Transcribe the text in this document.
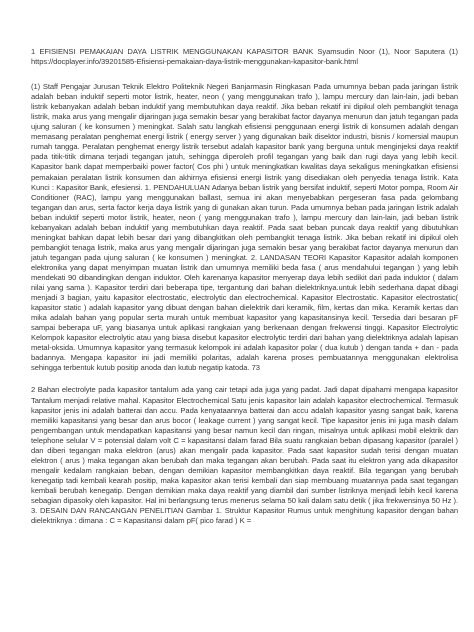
1 EFISIENSI PEMAKAIAN DAYA LISTRIK MENGGUNAKAN KAPASITOR BANK Syamsudin Noor (1), Noor Saputera (1) https://docplayer.info/39201585-Efisiensi-pemakaian-daya-listrik-menggunakan-kapasitor-bank.html

(1) Staff Pengajar Jurusan Teknik Elektro Politeknik Negeri Banjarmasin Ringkasan Pada umumnya beban pada jaringan listrik adalah beban induktif seperti motor listrik, heater, neon ( yang menggunakan trafo ), lampu mercury dan lain-lain, jadi beban listrik kebanyakan adalah beban induktif yang membutuhkan daya reaktif. Jika beban rekatif ini dipikul oleh pembangkit tenaga listrik, maka arus yang mengalir dijaringan juga semakin besar yang berakibat factor dayanya menurun dan jatuh tegangan pada ujung saluran ( ke konsumen ) meningkat. Salah satu langkah efisiensi penggunaan energi listrik di konsumen adalah dengan memasang peralatan penghemat energi listrik ( energy server ) yang digunakan baik disektor industri, bisnis / komersial maupun rumah tangga. Peralatan penghemat energy listrik tersebut adalah kapasitor bank yang berguna untuk menginjeksi daya reaktif pada titik-titik dimana terjadi tegangan jatuh, sehingga diperoleh profil tegangan yang baik dan rugi daya yang lebih kecil. Kapasitor bank dapat memperbaiki power factor( Cos phi ) untuk meningkatkan kwalitas daya sekaligus meningkatkan efisiensi pemakaian peralatan listrik konsumen dan akhirnya efisiensi energi listrik yang disediakan oleh penyedia tenaga listrik. Kata Kunci : Kapasitor Bank, efesiensi. 1. PENDAHULUAN Adanya beban listrik yang bersifat induktif, seperti Motor pompa, Room Air Conditioner (RAC), lampu yang menggunakan ballast, semua ini akan menyebabkan pergeseran fasa pada gelombang tegangan dan arus, serta factor kerja daya listrik yang di gunakan akan turun. Pada umumnya beban pada jaringan listrik adalah beban induktif seperti motor listrik, heater, neon ( yang menggunakan trafo ), lampu mercury dan lain-lain, jadi beban listrik kebanyakan adalah beban induktif yang membutuhkan daya reaktif. Pada saat beban puncak daya reaktif yang dibutuhkan meningkat bahkan dapat lebih besar dari yang dibangkitkan oleh pembangkit tenaga listrik. Jika beban rekatif ini dipikul oleh pembangkit tenaga listrik, maka arus yang mengalir dijaringan juga semakin besar yang berakibat factor dayanya menurun dan jatuh tegangan pada ujung saluran ( ke konsumen ) meningkat. 2. LANDASAN TEORI Kapasitor Kapasitor adalah komponen elektronika yang dapat menyimpan muatan listrik dan umumnya memiliki beda fasa ( arus mendahului tegangan ) yang lebih mendekati 90 dibandingkan dengan induktor. Oleh karenanya kapasitor menyerap daya lebih sedikit dari pada induktor ( dalam nilai yang sama ). Kapasitor terdiri dari beberapa tipe, tergantung dari bahan dielektriknya.untuk lebih sederhana dapat dibagi menjadi 3 bagian, yaitu kapasitor electrostatic, electrolytic dan electrochemical. Kapasitor Electrostatic. Kapasitor electrostatic( kapasitor static ) adalah kapasitor yang dibuat dengan bahan dielektrik dari keramik, film, kertas dan mika. Keramik kertas dan mika adalah bahan yang popular serta murah untuk membuat kapasitor yang kapasitansinya kecil. Tersedia dari besaran pF sampai beberapa uF, yang biasanya untuk aplikasi rangkaian yang berkenaan dengan frekwensi tinggi. Kapasitor Electrolytic Kelompok kapasitor electrolytic atau yang biasa disebut kapasitor electrolytic terdiri dari bahan yang dielektriknya adalah lapisan metal-oksida. Umumnya kapasitor yang termasuk kelompok ini adalah kapasitor polar ( dua kutub ) dengan tanda + dan - pada badannya. Mengapa kapasitor ini jadi memiliki polaritas, adalah karena proses pembuatannya menggunakan elektrolisa sehingga terbentuk kutub positip anoda dan kutub negatip katoda. 73

2 Bahan electrolyte pada kapasitor tantalum ada yang cair tetapi ada juga yang padat. Jadi dapat dipahami mengapa kapasitor Tantalum menjadi relative mahal. Kapasitor Electrochemical Satu jenis kapasitor lain adalah kapasitor electrochemical. Termasuk kapasitor jenis ini adalah batterai dan accu. Pada kenyataannya batterai dan accu adalah kapasitor yasng sangat baik, karena memiliki kapasitansi yang besar dan arus bocor ( leakage current ) yang sangat kecil. Tipe kapasitor jenis ini juga masih dalam pengembangan untuk mendapatkan kapasitansi yang besar namun kecil dan ringan, misalnya untuk aplikasi mobil elektrik dan telephone selular V = potensial dalam volt C = kapasitansi dalam farad Bila suatu rangkaian beban dipasang kapasitor (paralel ) dan diberi tegangan maka elektron (arus) akan mengalir pada kapasitor. Pada saat kapasitor sudah terisi dengan muatan elektron ( arus ) maka tegangan akan berubah dan maka tegangan akan berubah. Pada saat itu elektron yang ada dikapasitor mengalir kedalam rangkaian beban, dengan demikian kapasitor membangkitkan daya reaktif. Bila tegangan yang berubah kenegatip tadi kembali kearah positip, maka kapasitor akan terisi kembali dan siap membuang muatannya pada saat tegangan kembali berubah kenegatip. Dengan demikian maka daya reaktif yang diambil dari sumber listriknya menjadi lebih kecil karena sebagian dipasoky oleh kapasitor. Hal ini berlangsung terus menerus selama 50 kali dalam satu detik ( jika frekwensinya 50 Hz ). 3. DESAIN DAN RANCANGAN PENELITIAN Gambar 1. Struktur Kapasitor Rumus untuk menghitung kapasitor dengan bahan dielektriknya : dimana : C = Kapasitansi dalam pF( pico farad ) K =
